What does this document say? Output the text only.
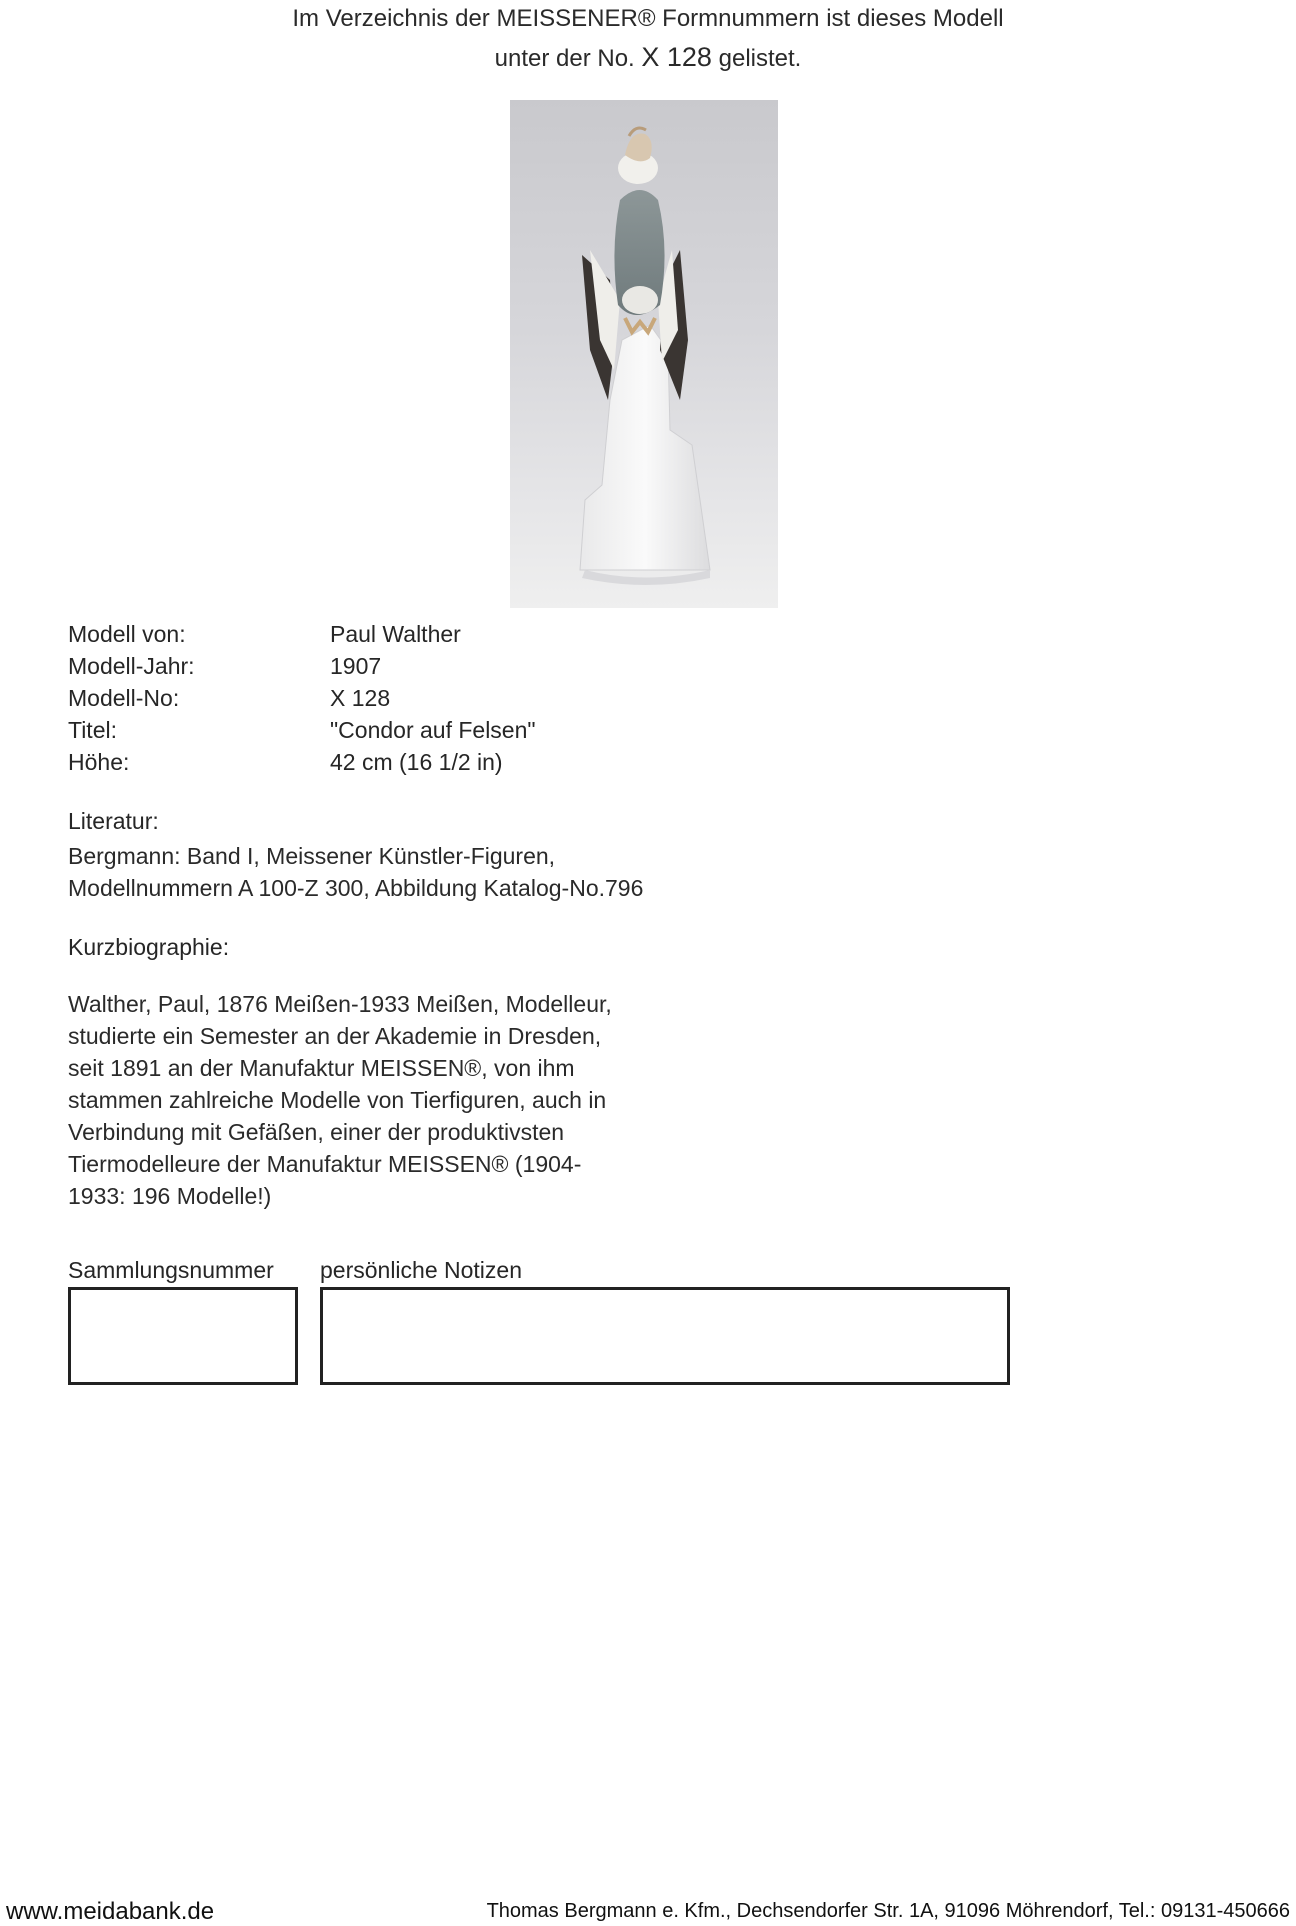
Im Verzeichnis der MEISSENER® Formnummern ist dieses Modell
unter der No. X 128 gelistet.
Modell von:	Paul Walther
Modell-Jahr:	1907
Modell-No:	X 128
Titel:	"Condor auf Felsen"
Höhe:	42 cm (16 1/2 in)
Literatur:
Bergmann: Band I, Meissener Künstler-Figuren,
Modellnummern A 100-Z 300, Abbildung Katalog-No.796
Kurzbiographie:
Walther, Paul, 1876 Meißen-1933 Meißen, Modelleur,
studierte ein Semester an der Akademie in Dresden,
seit 1891 an der Manufaktur MEISSEN®, von ihm
stammen zahlreiche Modelle von Tierfiguren, auch in
Verbindung mit Gefäßen, einer der produktivsten
Tiermodelleure der Manufaktur MEISSEN® (1904-
1933: 196 Modelle!)
Sammlungsnummer persönliche Notizen
www.meidabank.de	Thomas Bergmann e. Kfm., Dechsendorfer Str. 1A, 91096 Möhrendorf, Tel.: 09131-450666
